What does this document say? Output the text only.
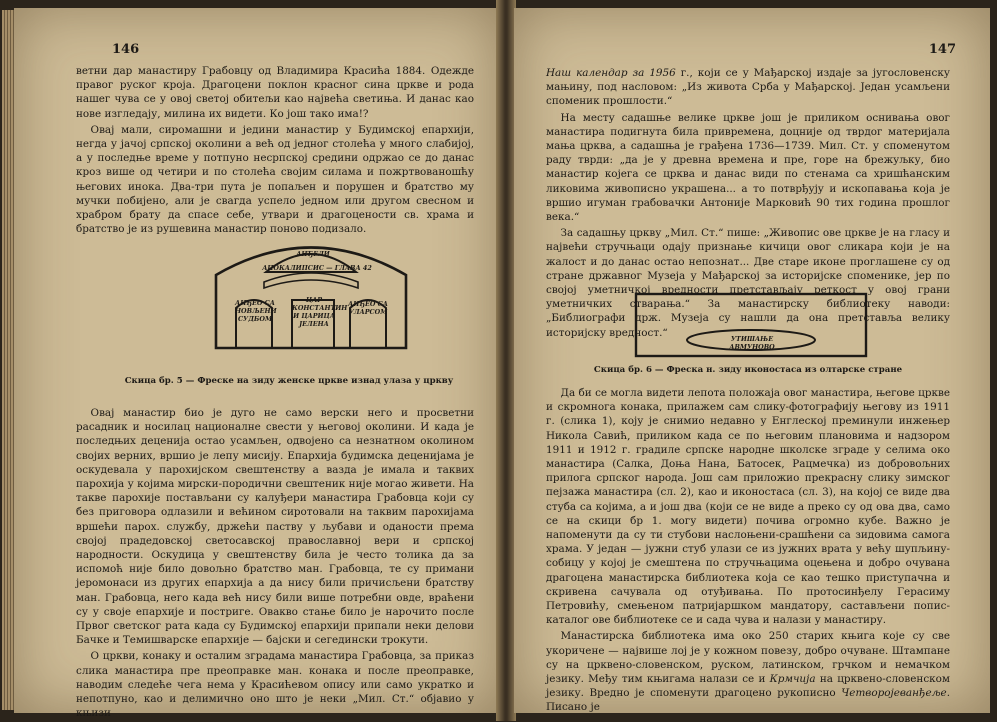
146

ветни дар манастиру Грабовцу од Владимира Красића 1884. Одежде правог руског кроја. Драгоцени поклон красног сина цркве и рода нашег чува се у овој светој обитељи као највећа светиња. И данас као нове изгледају, милина их видети. Ко још тако има!?

Овај мали, сиромашни и једини манастир у Будимској епархији, негда у јачој српској околини а већ од једног столећа у много слабијој, а у последње време у потпуно несрпској средини одржао се до данас кроз више од четири и по столећа својим силама и пожртвованошћу његових инока. Два-три пута је попаљен и порушен и братство му мучки побијено, али је свагда успело једном или другом свесном и храбром брату да спасе себе, утвари и драгоцености св. храма и братство је из рушевина манастир поново подизало.

АНЂЕЛИ
АПОКАЛИПСИС — ГЛАВА 42
АНЂЕО СА НОВЉЕНИ СУДБОМ
ЦАР КОНСТАНТИН И ЦАРИЦА ЈЕЛЕНА
АНЂЕО СА УЛАРСОМ
Скица бр. 5 — Фреске на зиду женске цркве изнад улаза у цркву

Овај манастир био је дуго не само верски него и просветни расадник и носилац националне свести у његовој околини. И када је последњих деценија остао усамљен, одвојено са незнатном околином својих верних, вршио је лепу мисију. Епархија будимска деценијама је оскудевала у парохијском свештенству а вазда је имала и таквих парохија у којима мирски-породични свештеник није могао живети. На такве парохије постављани су калуђери манастира Грабовца који су без приговора одлазили и већином сиротовали на таквим парохијама вршећи парох. службу, држећи паству у љубави и оданости према својој прадедовској светосавској православној вери и српској народности. Оскудица у свештенству била је често толика да за испомоћ није било довољно братство ман. Грабовца, те су примани јеромонаси из других епархија а да нису били причисљени братству ман. Грабовца, него када већ нису били више потребни овде, враћени су у своје епархије и постриге. Овакво стање било је нарочито после Првог светског рата када су Будимској епархији припали неки делови Бачке и Темишварске епархије — бајски и сегедински трокути.

О цркви, конаку и осталим зградама манастира Грабовца, за приказ слика манастира пре преоправке ман. конака и после преоправке, наводим следеће чега нема у Красићевом опису или само укратко и непотпуно, као и делимично оно што је неки „Мил. Ст.“ објавио у књизи

147

Наш календар за 1956 г., који се у Мађарској издаје за југословенску мањину, под насловом: „Из живота Срба у Мађарској. Један усамљени споменик прошлости.“

На месту садашње велике цркве још је приликом оснивања овог манастира подигнута била привремена, доцније од тврдог материјала мања црква, а садашња је грађена 1736—1739. Мил. Ст. у споменутом раду тврди: „да је у древна времена и пре, горе на брежуљку, био манастир којега се црква и данас види по стенама са хришћанским ликовима живописно украшена... а то потврђују и ископавања која је вршио игуман грабовачки Антоније Марковић 90 тих година прошлог века.“

За садашњу цркву „Мил. Ст.“ пише: „Живопис ове цркве је на гласу и највећи стручњаци одају признање кичици овог сликара који је на жалост и до данас остао непознат... Две старе иконе проглашене су од стране државног Музеја у Мађарској за историјске споменике, јер по својој уметничкој вредности претстављају реткост у овој грани уметничких стварања.“ За манастирску библиотеку наводи: „Библиографи држ. Музеја су нашли да она претставља велику историјску вредност.“

УТИШАЊЕ АВМУНОВО
Скица бр. 6 — Фреска н. зиду иконостаса из олтарске стране

Да би се могла видети лепота положаја овог манастира, његове цркве и скромнога конака, прилажем сам слику-фотографију његову из 1911 г. (слика 1), коју је снимио недавно у Енглеској преминули инжењер Никола Савић, приликом када се по његовим плановима и надзором 1911 и 1912 г. градиле српске народне школске зграде у селима око манастира (Салка, Доња Нана, Батосек, Рацмечка) из добровољних прилога српског народа. Још сам приложио прекрасну слику зимског пејзажа манастира (сл. 2), као и иконостаса (сл. 3), на којој се виде два стуба са којима, а и још два (који се не виде а преко су од ова два, само се на скици бр 1. могу видети) почива огромно кубе. Важно је напоменути да су ти стубови наслоњени-срашћени са зидовима самога храма. У један — јужни стуб улази се из јужних врата у већу шупљину-собицу у којој је смештена по стручњацима оцењена и добро очувана драгоцена манастирска библиотека која се као тешко приступачна и скривена сачувала од отуђивања. По протосинђелу Герасиму Петровићу, смењеном патријаршком мандатору, састављени попис-каталог ове библиотеке се и сада чува и налази у манастиру.

Манастирска библиотека има око 250 старих књига које су све укоричене — највише лој је у кожном повезу, добро очуване. Штампане су на црквено-словенском, руском, латинском, грчком и немачком језику. Међу тим књигама налази се и Крмчија на црквено-словенском језику. Вредно је споменути драгоцено рукописно Четворојеванђеље. Писано је
